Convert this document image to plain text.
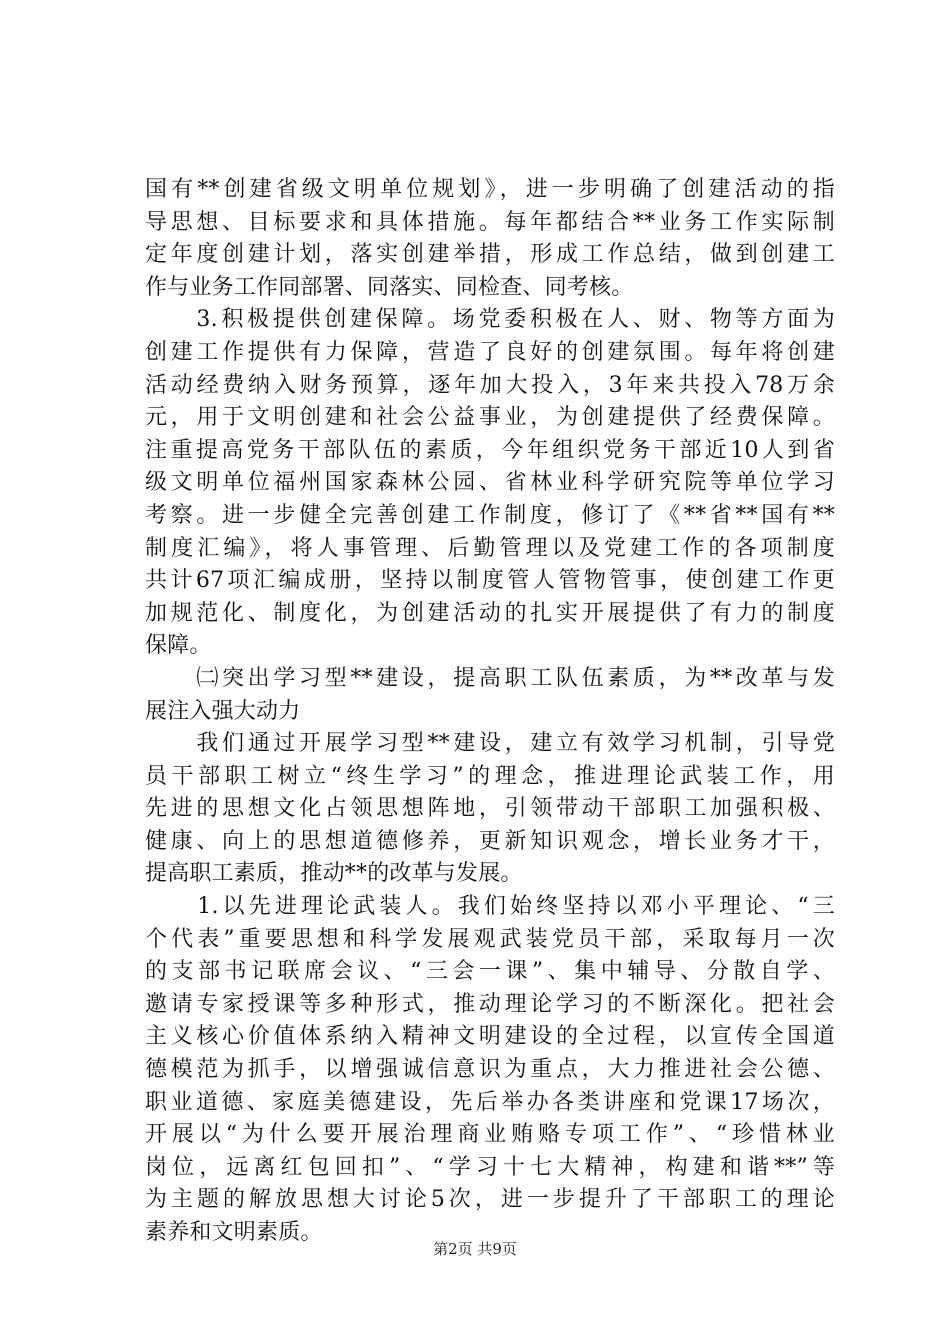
国有**创建省级文明单位规划》，进一步明确了创建活动的指
导思想、目标要求和具体措施。每年都结合**业务工作实际制
定年度创建计划，落实创建举措，形成工作总结，做到创建工
作与业务工作同部署、同落实、同检查、同考核。
　　3.积极提供创建保障。场党委积极在人、财、物等方面为
创建工作提供有力保障，营造了良好的创建氛围。每年将创建
活动经费纳入财务预算，逐年加大投入，3年来共投入78万余
元，用于文明创建和社会公益事业，为创建提供了经费保障。
注重提高党务干部队伍的素质，今年组织党务干部近10人到省
级文明单位福州国家森林公园、省林业科学研究院等单位学习
考察。进一步健全完善创建工作制度，修订了《**省**国有**
制度汇编》，将人事管理、后勤管理以及党建工作的各项制度
共计67项汇编成册，坚持以制度管人管物管事，使创建工作更
加规范化、制度化，为创建活动的扎实开展提供了有力的制度
保障。
　　㈡突出学习型**建设，提高职工队伍素质，为**改革与发
展注入强大动力
　　我们通过开展学习型**建设，建立有效学习机制，引导党
员干部职工树立“终生学习”的理念，推进理论武装工作，用
先进的思想文化占领思想阵地，引领带动干部职工加强积极、
健康、向上的思想道德修养，更新知识观念，增长业务才干，
提高职工素质，推动**的改革与发展。
　　1.以先进理论武装人。我们始终坚持以邓小平理论、“三
个代表”重要思想和科学发展观武装党员干部，采取每月一次
的支部书记联席会议、“三会一课”、集中辅导、分散自学、
邀请专家授课等多种形式，推动理论学习的不断深化。把社会
主义核心价值体系纳入精神文明建设的全过程，以宣传全国道
德模范为抓手，以增强诚信意识为重点，大力推进社会公德、
职业道德、家庭美德建设，先后举办各类讲座和党课17场次，
开展以“为什么要开展治理商业贿赂专项工作”、“珍惜林业
岗位，远离红包回扣”、“学习十七大精神，构建和谐**”等
为主题的解放思想大讨论5次，进一步提升了干部职工的理论
素养和文明素质。
第2页 共9页
